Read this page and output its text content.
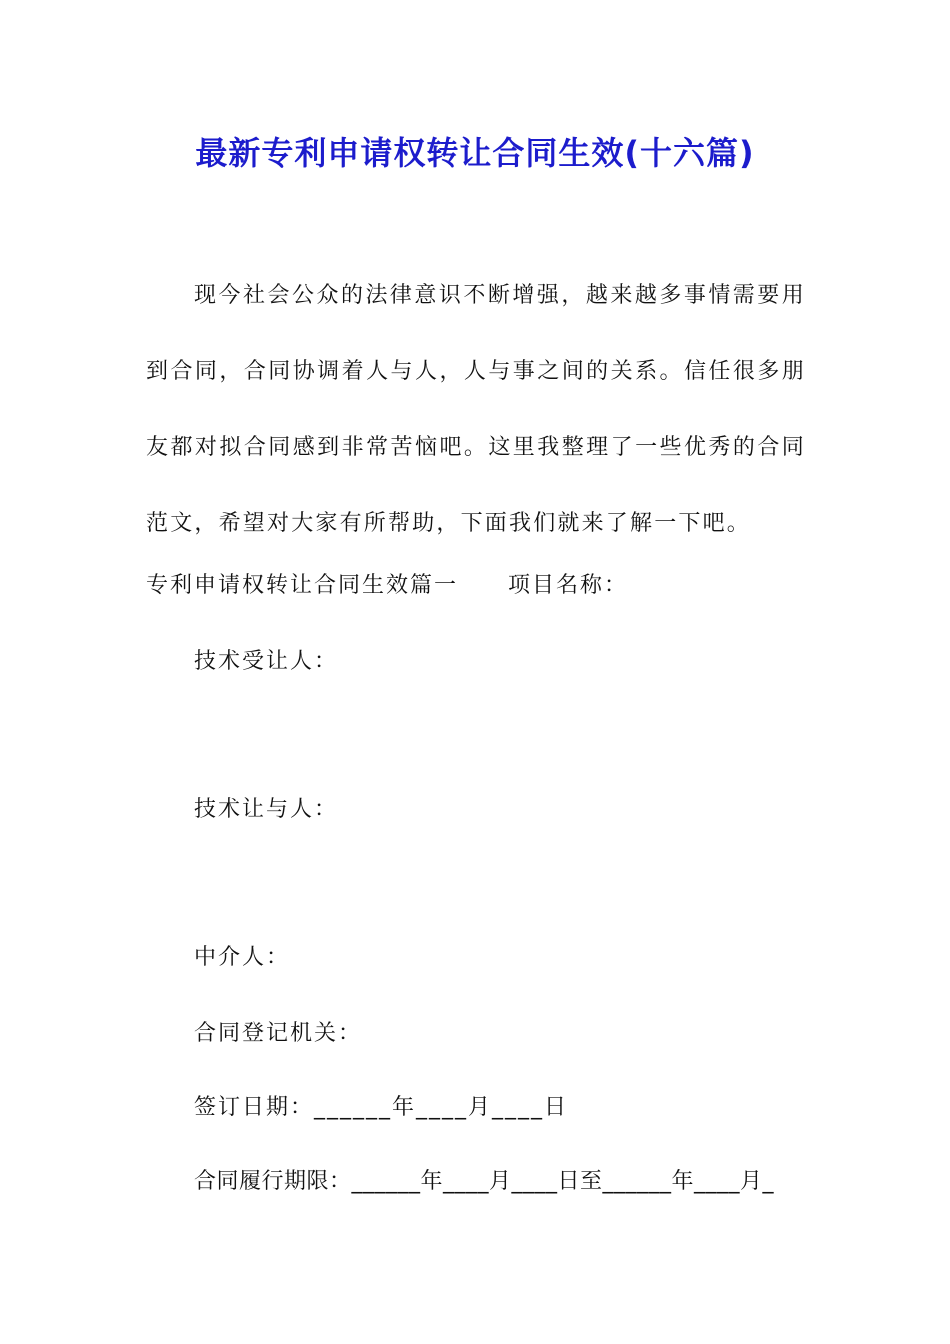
最新专利申请权转让合同生效(十六篇)

现今社会公众的法律意识不断增强，越来越多事情需要用到合同，合同协调着人与人，人与事之间的关系。信任很多朋友都对拟合同感到非常苦恼吧。这里我整理了一些优秀的合同范文，希望对大家有所帮助，下面我们就来了解一下吧。

专利申请权转让合同生效篇一 项目名称：

技术受让人：

技术让与人：

中介人：

合同登记机关：

签订日期：______年____月____日

合同履行期限：______年____月____日至______年____月_
